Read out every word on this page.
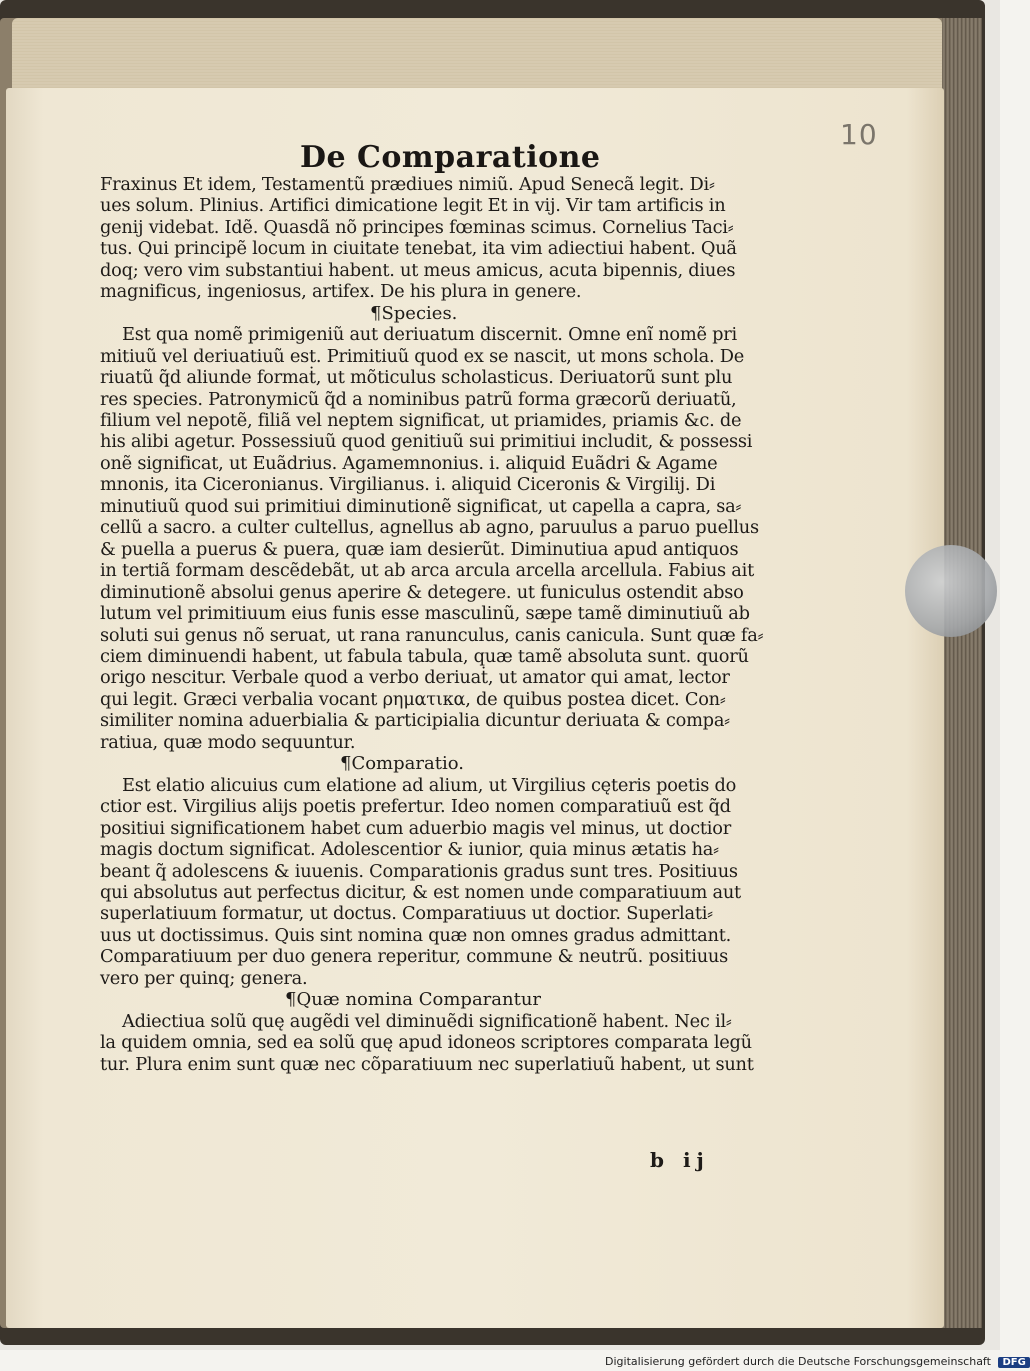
10
De Comparatione
Fraxinus Et idem, Testamentũ prædiues nimiũ. Apud Senecã legit. Di⸗
ues solum. Plinius. Artifici dimicatione legit Et in vij. Vir tam artificis in
genij videbat. Idẽ. Quasdã nõ principes fœminas scimus. Cornelius Taci⸗
tus. Qui principẽ locum in ciuitate tenebat, ita vim adiectiui habent. Quã
doq; vero vim substantiui habent. ut meus amicus, acuta bipennis, diues
magnificus, ingeniosus, artifex. De his plura in genere.
¶Species.
Est qua nomẽ primigeniũ aut deriuatum discernit. Omne enĩ nomẽ pri
mitiuũ vel deriuatiuũ est. Primitiuũ quod ex se nascit, ut mons schola. De
riuatũ q̃d aliunde formaṫ, ut mõticulus scholasticus. Deriuatorũ sunt plu
res species. Patronymicũ q̃d a nominibus patrũ forma græcorũ deriuatũ,
filium vel nepotẽ, filiã vel neptem significat, ut priamides, priamis &c. de
his alibi agetur. Possessiuũ quod genitiuũ sui primitiui includit, & possessi
onẽ significat, ut Euãdrius. Agamemnonius. i. aliquid Euãdri & Agame
mnonis, ita Ciceronianus. Virgilianus. i. aliquid Ciceronis & Virgilij. Di
minutiuũ quod sui primitiui diminutionẽ significat, ut capella a capra, sa⸗
cellũ a sacro. a culter cultellus, agnellus ab agno, paruulus a paruo puellus
& puella a puerus & puera, quæ iam desierũt. Diminutiua apud antiquos
in tertiã formam descẽdebãt, ut ab arca arcula arcella arcellula. Fabius ait
diminutionẽ absolui genus aperire & detegere. ut funiculus ostendit abso
lutum vel primitiuum eius funis esse masculinũ, sæpe tamẽ diminutiuũ ab
soluti sui genus nõ seruat, ut rana ranunculus, canis canicula. Sunt quæ fa⸗
ciem diminuendi habent, ut fabula tabula, quæ tamẽ absoluta sunt. quorũ
origo nescitur. Verbale quod a verbo deriuaṫ, ut amator qui amat, lector
qui legit. Græci verbalia vocant ρηματικα, de quibus postea dicet. Con⸗
similiter nomina aduerbialia & participialia dicuntur deriuata & compa⸗
ratiua, quæ modo sequuntur.
¶Comparatio.
Est elatio alicuius cum elatione ad alium, ut Virgilius cęteris poetis do
ctior est. Virgilius alijs poetis prefertur. Ideo nomen comparatiuũ est q̃d
positiui significationem habet cum aduerbio magis vel minus, ut doctior
magis doctum significat. Adolescentior & iunior, quia minus ætatis ha⸗
beant q̃ adolescens & iuuenis. Comparationis gradus sunt tres. Positiuus
qui absolutus aut perfectus dicitur, & est nomen unde comparatiuum aut
superlatiuum formatur, ut doctus. Comparatiuus ut doctior. Superlati⸗
uus ut doctissimus. Quis sint nomina quæ non omnes gradus admittant.
Comparatiuum per duo genera reperitur, commune & neutrũ. positiuus
vero per quinq; genera.
¶Quæ nomina Comparantur
Adiectiua solũ quę augẽdi vel diminuẽdi significationẽ habent. Nec il⸗
la quidem omnia, sed ea solũ quę apud idoneos scriptores comparata legũ
tur. Plura enim sunt quæ nec cõparatiuum nec superlatiuũ habent, ut sunt
b ij
Digitalisierung gefördert durch die Deutsche Forschungsgemeinschaft DFG
